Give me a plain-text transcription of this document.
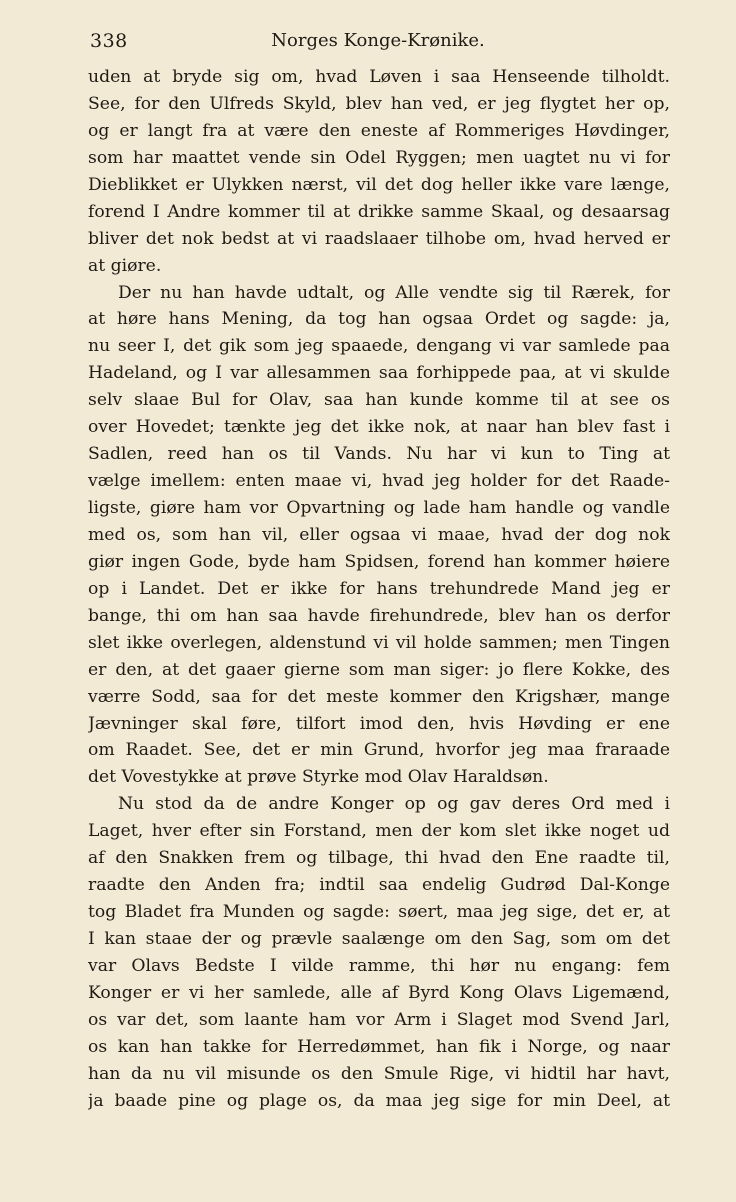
338	Norges Konge-Krønike.
uden at bryde sig om, hvad Løven i saa Henseende tilholdt.
See, for den Ulfreds Skyld, blev han ved, er jeg flygtet her op,
og er langt fra at være den eneste af Rommeriges Høvdinger,
som har maattet vende sin Odel Ryggen; men uagtet nu vi for
Dieblikket er Ulykken nærst, vil det dog heller ikke vare længe,
forend I Andre kommer til at drikke samme Skaal, og desaarsag
bliver det nok bedst at vi raadslaaer tilhobe om, hvad herved er
at giøre.
Der nu han havde udtalt, og Alle vendte sig til Rærek, for
at høre hans Mening, da tog han ogsaa Ordet og sagde: ja,
nu seer I, det gik som jeg spaaede, dengang vi var samlede paa
Hadeland, og I var allesammen saa forhippede paa, at vi skulde
selv slaae Bul for Olav, saa han kunde komme til at see os
over Hovedet; tænkte jeg det ikke nok, at naar han blev fast i
Sadlen, reed han os til Vands. Nu har vi kun to Ting at
vælge imellem: enten maae vi, hvad jeg holder for det Raade-
ligste, giøre ham vor Opvartning og lade ham handle og vandle
med os, som han vil, eller ogsaa vi maae, hvad der dog nok
giør ingen Gode, byde ham Spidsen, forend han kommer høiere
op i Landet. Det er ikke for hans trehundrede Mand jeg er
bange, thi om han saa havde firehundrede, blev han os derfor
slet ikke overlegen, aldenstund vi vil holde sammen; men Tingen
er den, at det gaaer gierne som man siger: jo flere Kokke, des
værre Sodd, saa for det meste kommer den Krigshær, mange
Jævninger skal føre, tilfort imod den, hvis Høvding er ene
om Raadet. See, det er min Grund, hvorfor jeg maa fraraade
det Vovestykke at prøve Styrke mod Olav Haraldsøn.
Nu stod da de andre Konger op og gav deres Ord med i
Laget, hver efter sin Forstand, men der kom slet ikke noget ud
af den Snakken frem og tilbage, thi hvad den Ene raadte til,
raadte den Anden fra; indtil saa endelig Gudrød Dal-Konge
tog Bladet fra Munden og sagde: søert, maa jeg sige, det er, at
I kan staae der og prævle saalænge om den Sag, som om det
var Olavs Bedste I vilde ramme, thi hør nu engang: fem
Konger er vi her samlede, alle af Byrd Kong Olavs Ligemænd,
os var det, som laante ham vor Arm i Slaget mod Svend Jarl,
os kan han takke for Herredømmet, han fik i Norge, og naar
han da nu vil misunde os den Smule Rige, vi hidtil har havt,
ja baade pine og plage os, da maa jeg sige for min Deel, at
